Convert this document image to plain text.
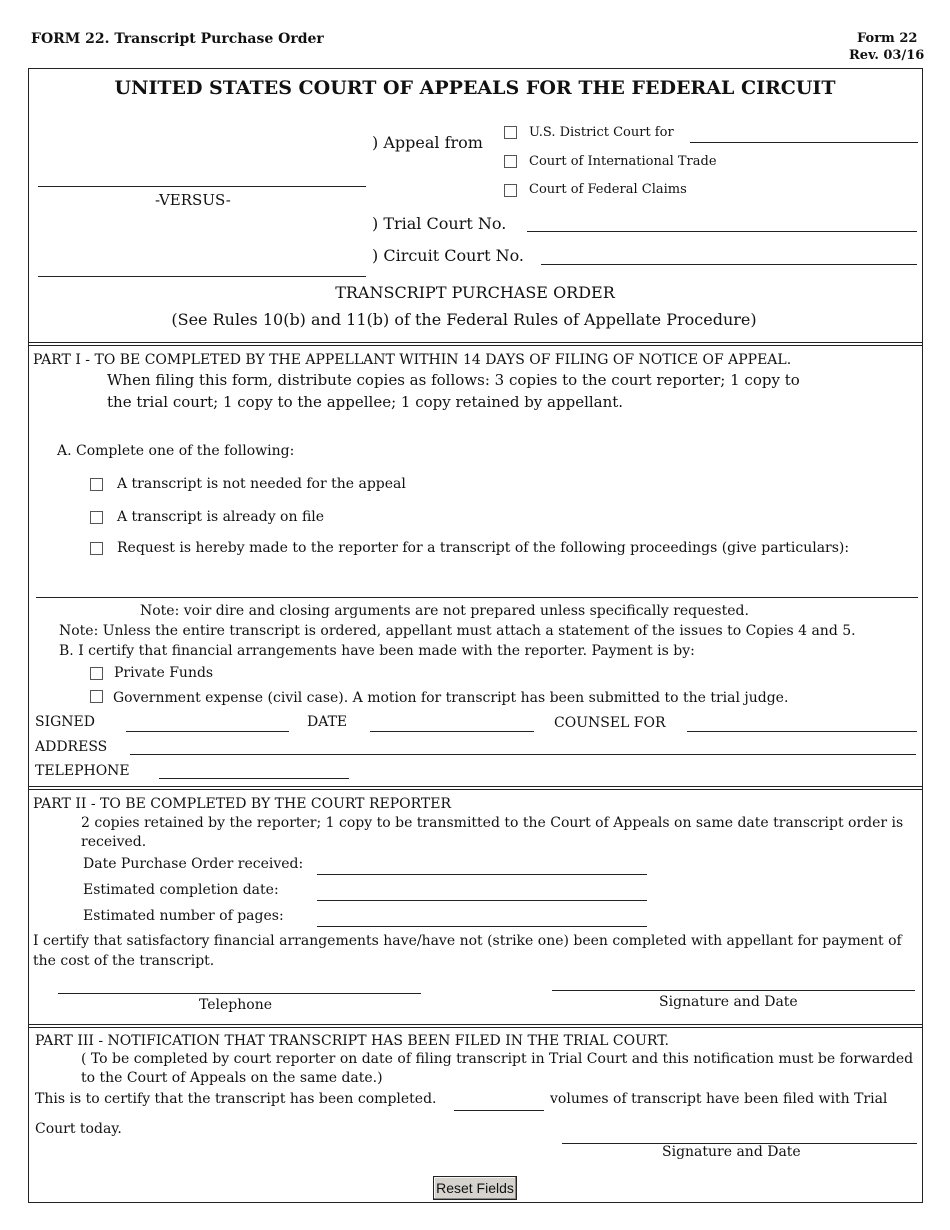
FORM 22. Transcript Purchase Order	Form 22
Rev. 03/16
UNITED STATES COURT OF APPEALS FOR THE FEDERAL CIRCUIT
-VERSUS-
) Appeal from
U.S. District Court for
Court of International Trade
Court of Federal Claims
) Trial Court No.
) Circuit Court No.
TRANSCRIPT PURCHASE ORDER
(See Rules 10(b) and 11(b) of the Federal Rules of Appellate Procedure)
PART I - TO BE COMPLETED BY THE APPELLANT WITHIN 14 DAYS OF FILING OF NOTICE OF APPEAL.
When filing this form, distribute copies as follows: 3 copies to the court reporter; 1 copy to
the trial court; 1 copy to the appellee; 1 copy retained by appellant.
A. Complete one of the following:
A transcript is not needed for the appeal
A transcript is already on file
Request is hereby made to the reporter for a transcript of the following proceedings (give particulars):
Note: voir dire and closing arguments are not prepared unless specifically requested.
Note: Unless the entire transcript is ordered, appellant must attach a statement of the issues to Copies 4 and 5.
B. I certify that financial arrangements have been made with the reporter. Payment is by:
Private Funds
Government expense (civil case). A motion for transcript has been submitted to the trial judge.
SIGNED	DATE	COUNSEL FOR
ADDRESS
TELEPHONE
PART II - TO BE COMPLETED BY THE COURT REPORTER
2 copies retained by the reporter; 1 copy to be transmitted to the Court of Appeals on same date transcript order is
received.
Date Purchase Order received:
Estimated completion date:
Estimated number of pages:
I certify that satisfactory financial arrangements have/have not (strike one) been completed with appellant for payment of
the cost of the transcript.
Telephone	Signature and Date
PART III - NOTIFICATION THAT TRANSCRIPT HAS BEEN FILED IN THE TRIAL COURT.
( To be completed by court reporter on date of filing transcript in Trial Court and this notification must be forwarded
to the Court of Appeals on the same date.)
This is to certify that the transcript has been completed.	volumes of transcript have been filed with Trial
Court today.
Signature and Date
Reset Fields
